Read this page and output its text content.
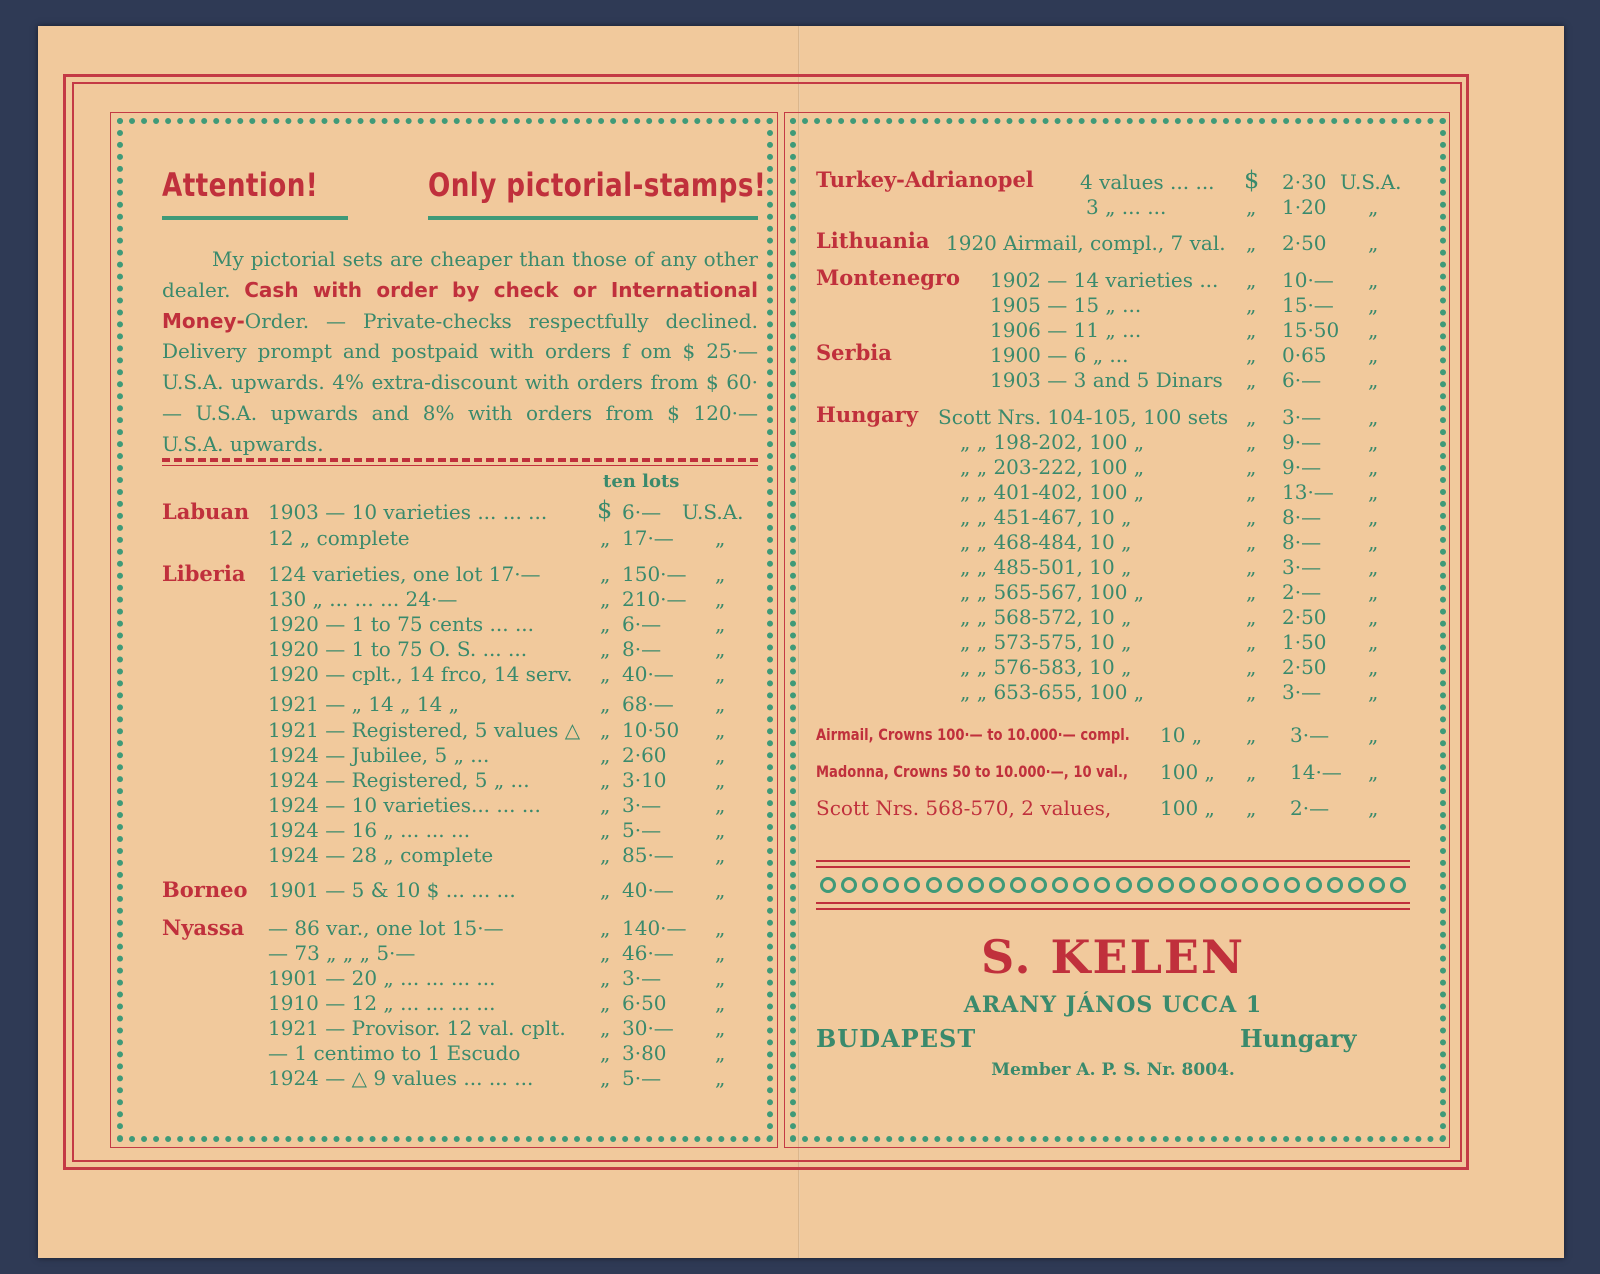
Attention!	Only pictorial-stamps!
My pictorial sets are cheaper than those of any other dealer. Cash with order by check or International Money-Order. — Private-checks respectfully declined. Delivery prompt and postpaid with orders f om $ 25·— U.S.A. upwards. 4% extra-discount with orders from $ 60·— U.S.A. upwards and 8% with orders from $ 120·— U.S.A. upwards.
ten lots
Labuan 1903 — 10 varieties ... ... ... $ 6·— U.S.A.
12 „ complete	„ 17·— „
Liberia 124 varieties, one lot 17·—	„ 150·— „
130 „ ... ... ... 24·—	„ 210·— „
1920 — 1 to 75 cents ... ...	„ 6·—	„
1920 — 1 to 75 O. S. ... ...	„ 8·—	„
1920 — cplt., 14 frco, 14 serv. „ 40·— „
1921 — „ 14 „ 14 „	„ 68·— „
1921 — Registered, 5 values △ „ 10·50 „
1924 — Jubilee, 5 „ ...	„ 2·60 „
1924 — Registered, 5 „ ...	„ 3·10 „
1924 — 10 varieties... ... ...	„ 3·—	„
1924 — 16 „ ... ... ...	„ 5·—	„
1924 — 28 „ complete	„ 85·— „
Borneo 1901 — 5 & 10 $ ... ... ...	„ 40·— „
Nyassa — 86 var., one lot 15·—	„ 140·— „
— 73 „ „ „ 5·—	„ 46·— „
1901 — 20 „ ... ... ... ...	„ 3·—	„
1910 — 12 „ ... ... ... ...	„ 6·50 „
1921 — Provisor. 12 val. cplt. „ 30·— „
— 1 centimo to 1 Escudo	„ 3·80 „
1924 — △ 9 values ... ... ...	„ 5·—	„
Turkey-Adrianopel 4 values ... ... $ 2·30 U.S.A.
3 „ ... ...	„ 1·20 „
Lithuania 1920 Airmail, compl., 7 val. „ 2·50 „
Montenegro 1902 — 14 varieties ... „ 10·— „
1905 — 15 „ ...	„ 15·— „
1906 — 11 „ ...	„ 15·50 „
Serbia	1900 — 6 „ ...	„ 0·65 „
1903 — 3 and 5 Dinars „ 6·— „
Hungary Scott Nrs. 104-105, 100 sets „ 3·— „
„ „ 198-202, 100 „	„ 9·— „
„ „ 203-222, 100 „	„ 9·— „
„ „ 401-402, 100 „	„ 13·— „
„ „ 451-467, 10 „	„ 8·— „
„ „ 468-484, 10 „	„ 8·— „
„ „ 485-501, 10 „	„ 3·— „
„ „ 565-567, 100 „	„ 2·— „
„ „ 568-572, 10 „	„ 2·50 „
„ „ 573-575, 10 „	„ 1·50 „
„ „ 576-583, 10 „	„ 2·50 „
„ „ 653-655, 100 „	„ 3·— „
Airmail, Crowns 100·— to 10.000·— compl. 10 „ „ 3·— „
Madonna, Crowns 50 to 10.000·—, 10 val., 100 „ „ 14·— „
Scott Nrs. 568-570, 2 values, 100 „ „ 2·— „
S. KELEN
ARANY JÁNOS UCCA 1
BUDAPEST	Hungary
Member A. P. S. Nr. 8004.
